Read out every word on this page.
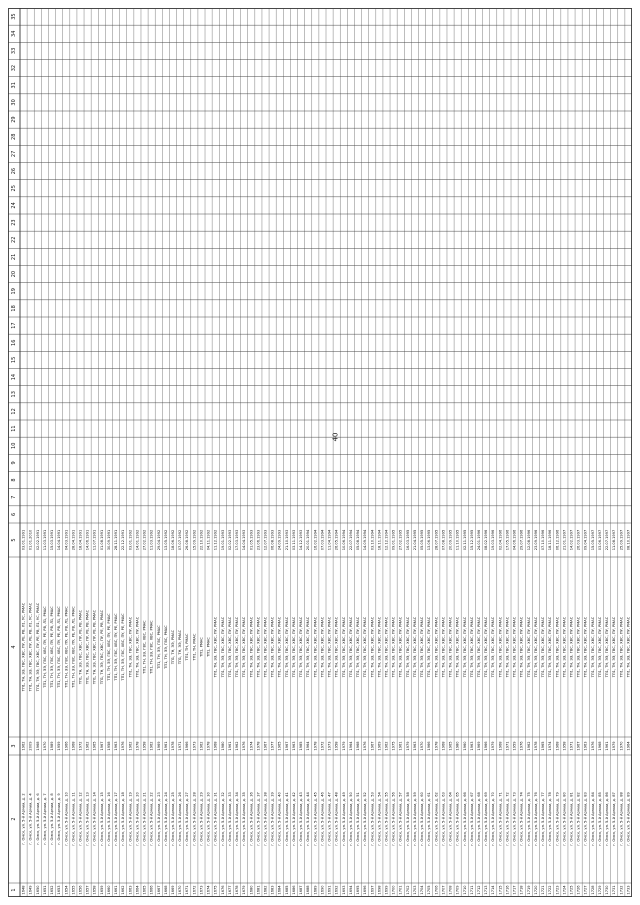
40
1648
г. Омск, ул. 5-й Армии, д. 2
1962
ТП1, ТН, ЭЭ, ГВС, ХВС, ПУ, РЕ, РВ, Л1, УС, РМАС
03.01.1991
1649
г. Омск, ул. 5-й Армии, д. 4
2009
ТП1, ТН, ЭЭ, ГВС, ХВС, ПУ, РЕ, РВ, Л1, УС, РМАС
01.01.2010
1650
г. Омск, ул. 5-й Армии, д. 6
1968
ТП1, ТН, ЭЭ, ГВС, ХВС, ПУ, РЕ, РВ, Л1, УС, РМАС
02.02.1991
1651
г. Омск, ул. 5-й Армии, д. 7
1970
ТП1, ТН, ЭЭ, ГВС, ХВС, ПУ, РЕ, РВ, Л1, РМАС
11.03.1991
1652
г. Омск, ул. 5-й Армии, д. 8
1989
ТП1, ТН, ЭЭ, ГВС, ХВС, ПУ, РЕ, РВ, Л1, РМАС
15.03.1991
1653
г. Омск, ул. 5-й Армии, д. 9
1959
ТП1, ТН, ЭЭ, ГВС, ХВС, ПУ, РЕ, РВ, Л1, РМАС
14.04.1991
1654
г. Омск, ул. 5-й Армии, д. 10
1966
ТП1, ТН, ЭЭ, ГВС, ХВС, ПУ, РЕ, РВ, Л1, РМАС
04.03.1991
1655
г. Омск, ул. 5-й Армии, д. 11
1968
ТП1, ТН, ЭЭ, ГВС, ХВС, ПУ, РЕ, РВ, Л1, РМАС
28.04.1991
1656
г. Омск, ул. 5-й Армии, д. 12
1972
ТП1, ТН, ЭЭ, ГВС, ХВС, ПУ, РЕ, РВ, РМАС
18.04.1991
1657
г. Омск, ул. 5-й Армии, д. 13
1962
ТП1, ТН, ЭЭ, ГВС, ХВС, ПУ, РЕ, РВ, РМАС
14.06.1991
1658
г. Омск, ул. 5-й Армии, д. 14
1965
ТП1, ТН, ЭЭ, ГВС, ХВС, ПУ, РЕ, РВ, РМАС
11.07.1991
1659
г. Омск, ул. 5-й Армии, д. 15
1967
ТП1, ТН, ЭЭ, ГВС, ХВС, ПУ, РЕ, РВ, РМАС
01.08.1991
1660
г. Омск, ул. 5-й Армии, д. 16
1958
ТП1, ТН, ЭЭ, ГВС, ХВС, ПУ, РЕ, РМАС
30.09.1991
1661
г. Омск, ул. 5-й Армии, д. 17
1963
ТП1, ТН, ЭЭ, ГВС, ХВС, ПУ, РЕ, РМАС
28.11.1991
1662
г. Омск, ул. 5-й Армии, д. 18
1976
ТП1, ТН, ЭЭ, ГВС, ХВС, ПУ, РЕ, РМАС
22.12.1991
1663
г. Омск, ул. 5-й Армии, д. 19
1962
ТП1, ТН, ЭЭ, ГВС, ХВС, ПУ, РМАС
03.01.1992
1664
г. Омск, ул. 5-й Армии, д. 20
1978
ТП1, ТН, ЭЭ, ГВС, ХВС, ПУ, РМАС
14.01.1992
1665
г. Омск, ул. 5-й Армии, д. 21
1958
ТП1, ТН, ЭЭ, ГВС, ХВС, РМАС
27.02.1992
1666
г. Омск, ул. 5-й Армии, д. 22
1962
ТП1, ТН, ЭЭ, ГВС, ХВС, РМАС
11.03.1992
1667
г. Омск, ул. 5-й Армии, д. 23
1969
ТП1, ТН, ЭЭ, ГВС, РМАС
29.04.1992
1668
г. Омск, ул. 5-й Армии, д. 24
1961
ТП1, ТН, ЭЭ, ГВС, РМАС
13.05.1992
1669
г. Омск, ул. 5-й Армии, д. 25
1978
ТП1, ТН, ЭЭ, РМАС
18.06.1992
1670
г. Омск, ул. 5-й Армии, д. 26
1971
ТП1, ТН, ЭЭ, РМАС
07.07.1992
1671
г. Омск, ул. 5-й Армии, д. 27
1966
ТП1, ТН, РМАС
26.08.1992
1672
г. Омск, ул. 5-й Армии, д. 28
1973
ТП1, ТН, РМАС
15.09.1992
1673
г. Омск, ул. 5-й Армии, д. 29
1962
ТП1, РМАС
22.10.1992
1674
г. Омск, ул. 5-й Армии, д. 30
1978
ТП1, РМАС
04.11.1992
1675
г. Омск, ул. 5-й Армии, д. 31
1968
ТП1, ТН, ЭЭ, ГВС, ХВС, ПУ, РМАС
11.12.1992
1676
г. Омск, ул. 5-й Армии, д. 32
1980
ТП1, ТН, ЭЭ, ГВС, ХВС, ПУ, РМАС
19.01.1993
1677
г. Омск, ул. 5-й Армии, д. 33
1961
ТП1, ТН, ЭЭ, ГВС, ХВС, ПУ, РМАС
02.02.1993
1678
г. Омск, ул. 5-й Армии, д. 34
1962
ТП1, ТН, ЭЭ, ГВС, ХВС, ПУ, РМАС
17.03.1993
1679
г. Омск, ул. 5-й Армии, д. 35
1976
ТП1, ТН, ЭЭ, ГВС, ХВС, ПУ, РМАС
14.04.1993
1680
г. Омск, ул. 5-й Армии, д. 36
1974
ТП1, ТН, ЭЭ, ГВС, ХВС, ПУ, РМАС
01.05.1993
1681
г. Омск, ул. 5-й Армии, д. 37
1978
ТП1, ТН, ЭЭ, ГВС, ХВС, ПУ, РМАС
23.06.1993
1682
г. Омск, ул. 5-й Армии, д. 38
1967
ТП1, ТН, ЭЭ, ГВС, ХВС, ПУ, РМАС
12.07.1993
1683
г. Омск, ул. 5-й Армии, д. 39
1977
ТП1, ТН, ЭЭ, ГВС, ХВС, ПУ, РМАС
06.08.1993
1684
г. Омск, ул. 5-й Армии, д. 40
1965
ТП1, ТН, ЭЭ, ГВС, ХВС, ПУ, РМАС
24.09.1993
1685
г. Омск, ул. 5-й Армии, д. 41
1967
ТП1, ТН, ЭЭ, ГВС, ХВС, ПУ, РМАС
21.10.1993
1686
г. Омск, ул. 5-й Армии, д. 42
1963
ТП1, ТН, ЭЭ, ГВС, ХВС, ПУ, РМАС
03.11.1993
1687
г. Омск, ул. 5-й Армии, д. 43
1985
ТП1, ТН, ЭЭ, ГВС, ХВС, ПУ, РМАС
14.12.1993
1688
г. Омск, ул. 5-й Армии, д. 44
1964
ТП1, ТН, ЭЭ, ГВС, ХВС, ПУ, РМАС
20.01.1994
1689
г. Омск, ул. 5-й Армии, д. 45
1978
ТП1, ТН, ЭЭ, ГВС, ХВС, ПУ, РМАС
16.02.1994
1690
г. Омск, ул. 5-й Армии, д. 46
1972
ТП1, ТН, ЭЭ, ГВС, ХВС, ПУ, РМАС
07.03.1994
1691
г. Омск, ул. 5-й Армии, д. 47
1973
ТП1, ТН, ЭЭ, ГВС, ХВС, ПУ, РМАС
11.04.1994
1692
г. Омск, ул. 5-й Армии, д. 48
1958
ТП1, ТН, ЭЭ, ГВС, ХВС, ПУ, РМАС
26.05.1994
1693
г. Омск, ул. 5-й Армии, д. 49
1979
ТП1, ТН, ЭЭ, ГВС, ХВС, ПУ, РМАС
10.06.1994
1694
г. Омск, ул. 5-й Армии, д. 50
1964
ТП1, ТН, ЭЭ, ГВС, ХВС, ПУ, РМАС
22.07.1994
1695
г. Омск, ул. 5-й Армии, д. 51
1968
ТП1, ТН, ЭЭ, ГВС, ХВС, ПУ, РМАС
05.08.1994
1696
г. Омск, ул. 5-й Армии, д. 52
1976
ТП1, ТН, ЭЭ, ГВС, ХВС, ПУ, РМАС
14.09.1994
1697
г. Омск, ул. 5-й Армии, д. 53
1967
ТП1, ТН, ЭЭ, ГВС, ХВС, ПУ, РМАС
03.10.1994
1698
г. Омск, ул. 5-й Армии, д. 54
1969
ТП1, ТН, ЭЭ, ГВС, ХВС, ПУ, РМАС
18.11.1994
1699
г. Омск, ул. 5-й Армии, д. 55
1962
ТП1, ТН, ЭЭ, ГВС, ХВС, ПУ, РМАС
12.12.1994
1700
г. Омск, ул. 5-й Армии, д. 56
1975
ТП1, ТН, ЭЭ, ГВС, ХВС, ПУ, РМАС
09.01.1995
1701
г. Омск, ул. 5-й Армии, д. 57
1961
ТП1, ТН, ЭЭ, ГВС, ХВС, ПУ, РМАС
27.02.1995
1702
г. Омск, ул. 5-й Армии, д. 58
1979
ТП1, ТН, ЭЭ, ГВС, ХВС, ПУ, РМАС
16.03.1995
1703
г. Омск, ул. 5-й Армии, д. 59
1963
ТП1, ТН, ЭЭ, ГВС, ХВС, ПУ, РМАС
21.04.1995
1704
г. Омск, ул. 5-й Армии, д. 60
1970
ТП1, ТН, ЭЭ, ГВС, ХВС, ПУ, РМАС
05.05.1995
1705
г. Омск, ул. 5-й Армии, д. 61
1966
ТП1, ТН, ЭЭ, ГВС, ХВС, ПУ, РМАС
13.06.1995
1706
г. Омск, ул. 5-й Армии, д. 62
1978
ТП1, ТН, ЭЭ, ГВС, ХВС, ПУ, РМАС
28.07.1995
1707
г. Омск, ул. 5-й Армии, д. 63
1968
ТП1, ТН, ЭЭ, ГВС, ХВС, ПУ, РМАС
07.08.1995
1708
г. Омск, ул. 5-й Армии, д. 64
1965
ТП1, ТН, ЭЭ, ГВС, ХВС, ПУ, РМАС
20.09.1995
1709
г. Омск, ул. 5-й Армии, д. 65
1980
ТП1, ТН, ЭЭ, ГВС, ХВС, ПУ, РМАС
11.10.1995
1710
г. Омск, ул. 5-й Армии, д. 66
1960
ТП1, ТН, ЭЭ, ГВС, ХВС, ПУ, РМАС
02.11.1995
1711
г. Омск, ул. 5-й Армии, д. 67
1963
ТП1, ТН, ЭЭ, ГВС, ХВС, ПУ, РМАС
15.12.1995
1712
г. Омск, ул. 5-й Армии, д. 68
1969
ТП1, ТН, ЭЭ, ГВС, ХВС, ПУ, РМАС
24.01.1996
1713
г. Омск, ул. 5-й Армии, д. 69
1966
ТП1, ТН, ЭЭ, ГВС, ХВС, ПУ, РМАС
08.02.1996
1714
г. Омск, ул. 5-й Армии, д. 70
1979
ТП1, ТН, ЭЭ, ГВС, ХВС, ПУ, РМАС
19.03.1996
1715
г. Омск, ул. 5-й Армии, д. 71
1968
ТП1, ТН, ЭЭ, ГВС, ХВС, ПУ, РМАС
02.04.1996
1716
г. Омск, ул. 5-й Армии, д. 72
1971
ТП1, ТН, ЭЭ, ГВС, ХВС, ПУ, РМАС
17.05.1996
1717
г. Омск, ул. 5-й Армии, д. 73
1959
ТП1, ТН, ЭЭ, ГВС, ХВС, ПУ, РМАС
04.06.1996
1718
г. Омск, ул. 5-й Армии, д. 74
1976
ТП1, ТН, ЭЭ, ГВС, ХВС, ПУ, РМАС
29.07.1996
1719
г. Омск, ул. 5-й Армии, д. 75
1962
ТП1, ТН, ЭЭ, ГВС, ХВС, ПУ, РМАС
12.08.1996
1720
г. Омск, ул. 5-й Армии, д. 76
1978
ТП1, ТН, ЭЭ, ГВС, ХВС, ПУ, РМАС
23.09.1996
1721
г. Омск, ул. 5-й Армии, д. 77
1965
ТП1, ТН, ЭЭ, ГВС, ХВС, ПУ, РМАС
07.10.1996
1722
г. Омск, ул. 5-й Армии, д. 78
1974
ТП1, ТН, ЭЭ, ГВС, ХВС, ПУ, РМАС
18.11.1996
1723
г. Омск, ул. 5-й Армии, д. 79
1968
ТП1, ТН, ЭЭ, ГВС, ХВС, ПУ, РМАС
06.12.1996
1724
г. Омск, ул. 5-й Армии, д. 80
1958
ТП1, ТН, ЭЭ, ГВС, ХВС, ПУ, РМАС
21.01.1997
1725
г. Омск, ул. 5-й Армии, д. 81
1971
ТП1, ТН, ЭЭ, ГВС, ХВС, ПУ, РМАС
14.02.1997
1726
г. Омск, ул. 5-й Армии, д. 82
1967
ТП1, ТН, ЭЭ, ГВС, ХВС, ПУ, РМАС
26.03.1997
1727
г. Омск, ул. 5-й Армии, д. 83
1963
ТП1, ТН, ЭЭ, ГВС, ХВС, ПУ, РМАС
09.04.1997
1728
г. Омск, ул. 5-й Армии, д. 84
1976
ТП1, ТН, ЭЭ, ГВС, ХВС, ПУ, РМАС
15.05.1997
1729
г. Омск, ул. 5-й Армии, д. 85
1968
ТП1, ТН, ЭЭ, ГВС, ХВС, ПУ, РМАС
03.06.1997
1730
г. Омск, ул. 5-й Армии, д. 86
1961
ТП1, ТН, ЭЭ, ГВС, ХВС, ПУ, РМАС
22.07.1997
1731
г. Омск, ул. 5-й Армии, д. 87
1979
ТП1, ТН, ЭЭ, ГВС, ХВС, ПУ, РМАС
11.08.1997
1732
г. Омск, ул. 5-й Армии, д. 88
1970
ТП1, ТН, ЭЭ, ГВС, ХВС, ПУ, РМАС
25.09.1997
1733
г. Омск, ул. 5-й Армии, д. 89
1964
ТП1, ТН, ЭЭ, ГВС, ХВС, ПУ, РМАС
08.10.1997
1
2
3
4
5
6
7
8
9
10
11
12
13
14
15
16
17
18
19
20
21
22
23
24
25
26
27
28
29
30
31
32
33
34
35
